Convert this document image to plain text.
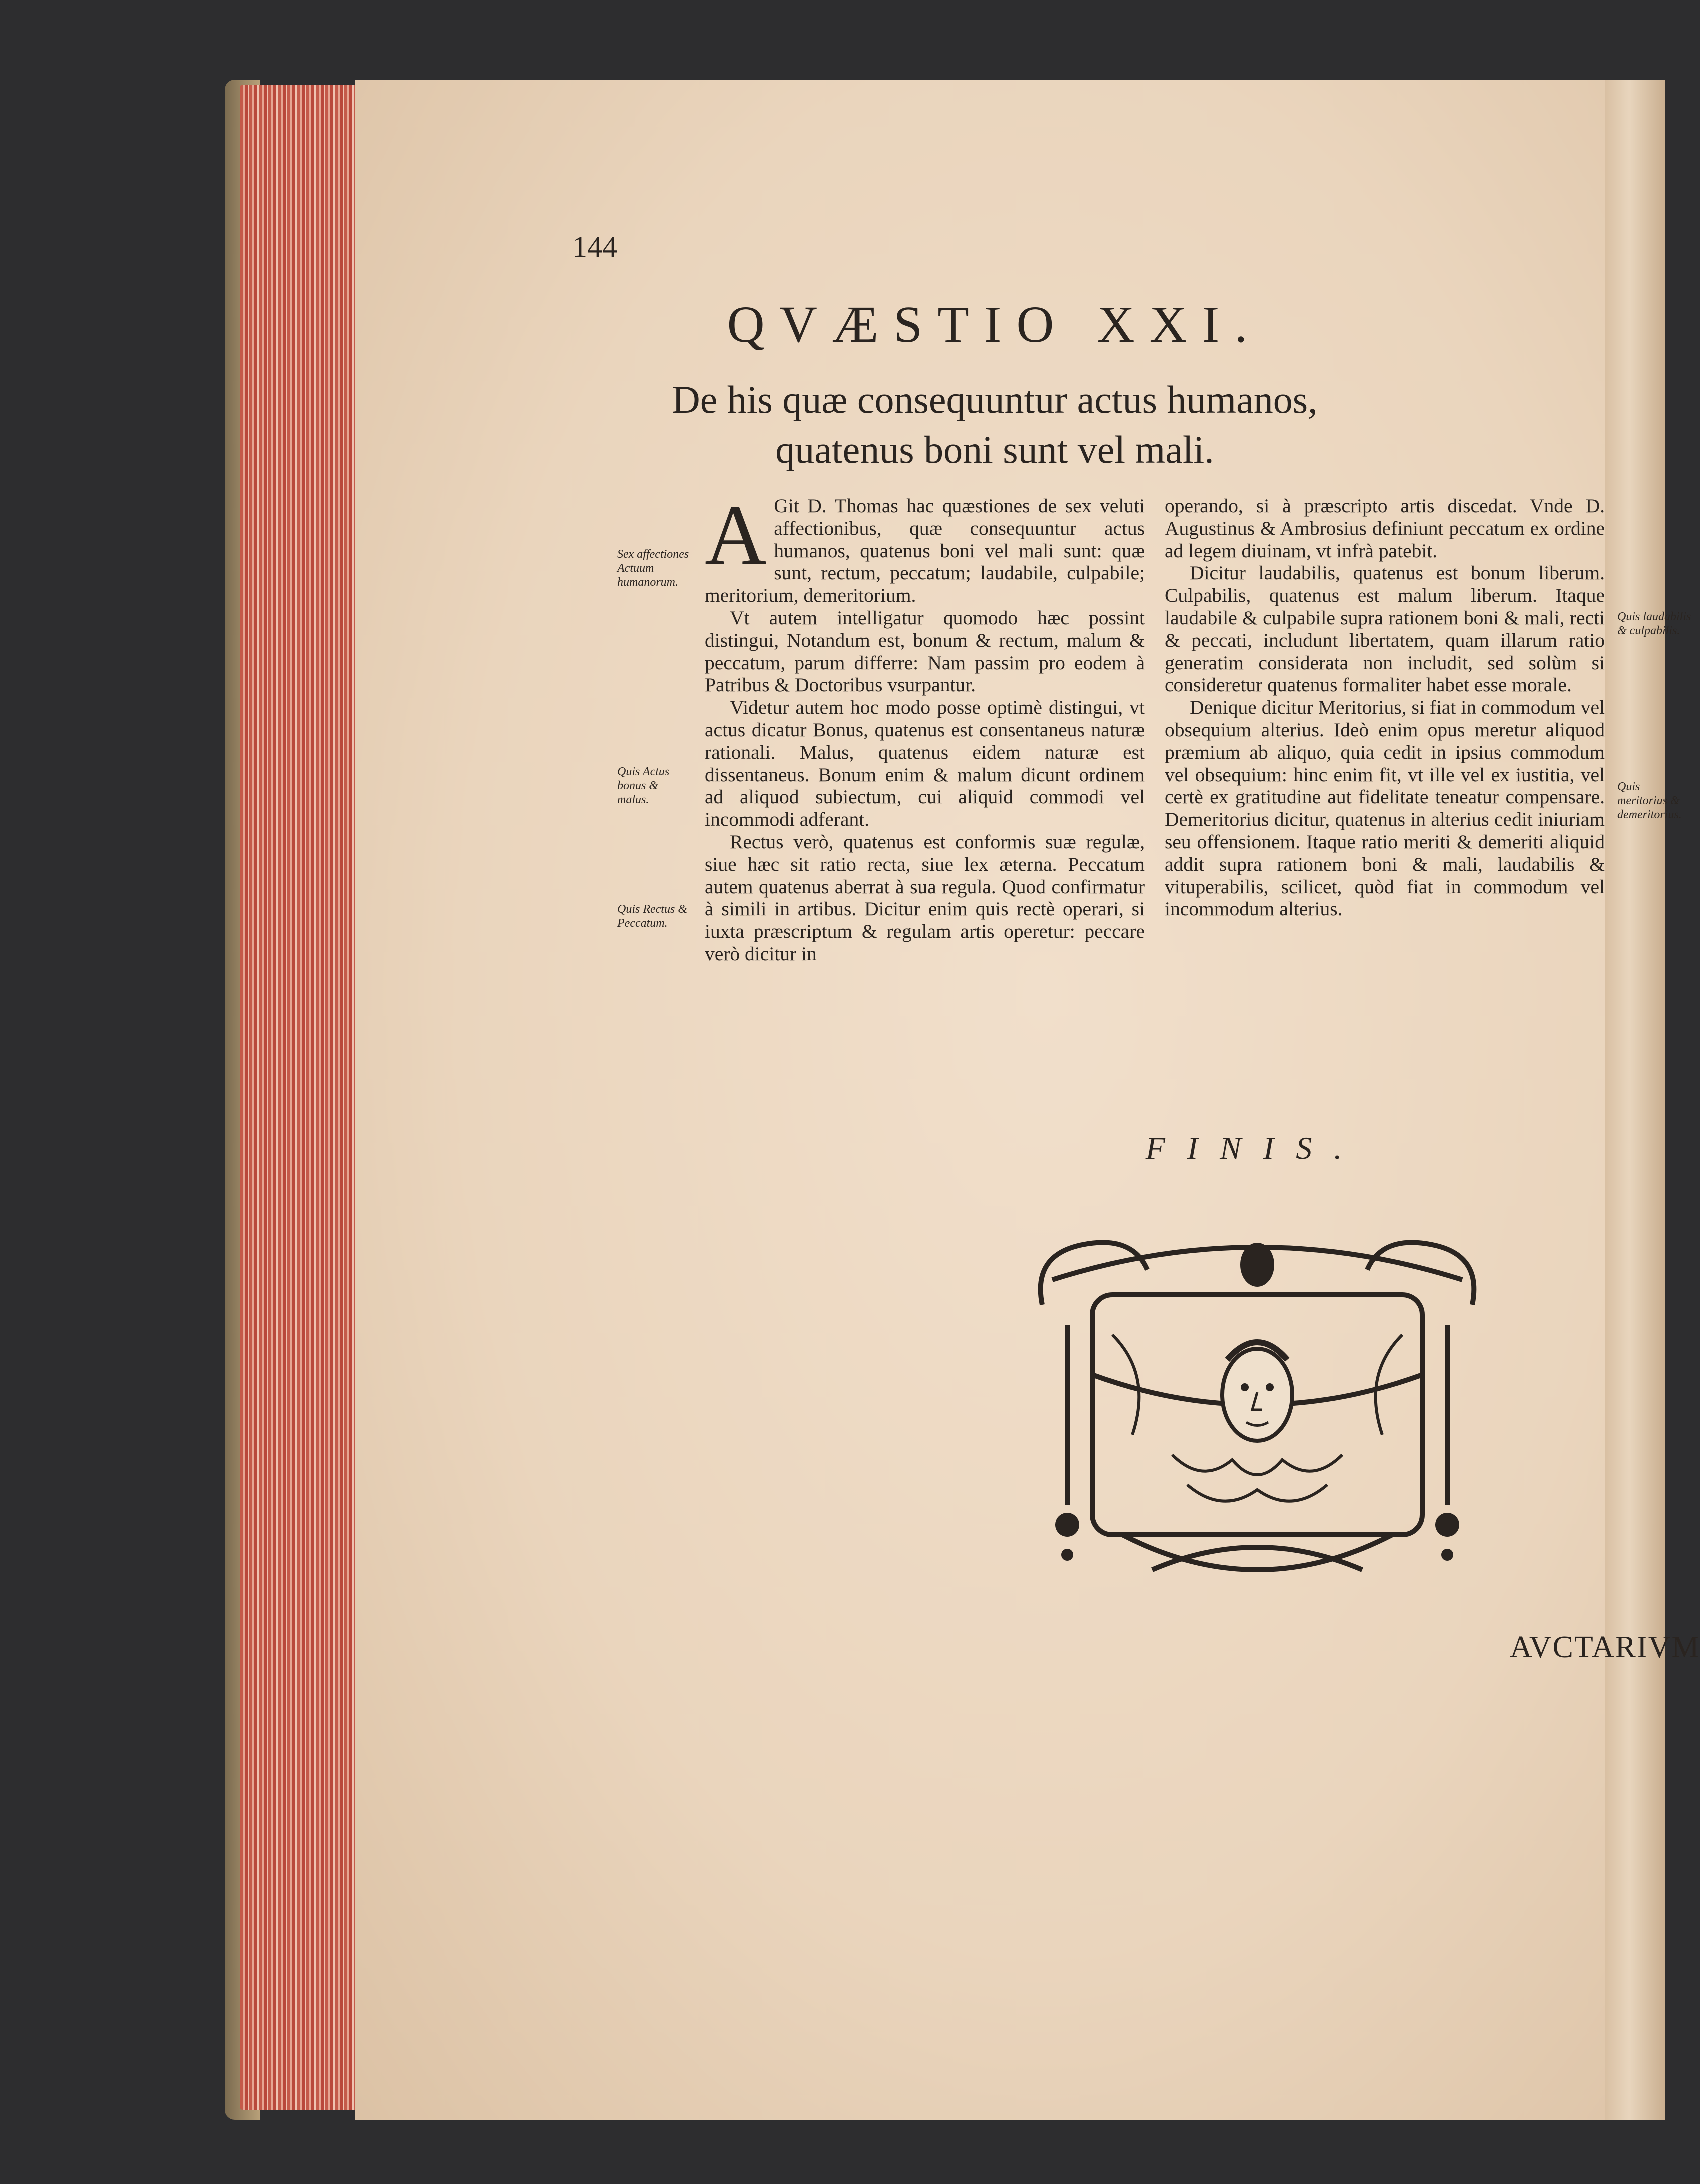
144
QVÆSTIO XXI.
De his quæ consequuntur actus humanos,
quatenus boni sunt vel mali.
Sex affectiones Actuum humanorum.
Quis Actus bonus & malus.
Quis Rectus & Peccatum.
Quis laudabilis & culpabilis.
Quis meritorius & demeritorius.
A Git D. Thomas hac quæstiones de sex veluti affectionibus, quæ consequuntur actus humanos, quatenus boni vel mali sunt: quæ sunt, rectum, peccatum; laudabile, culpabile; meritorium, demeritorium.

Vt autem intelligatur quomodo hæc possint distingui, Notandum est, bonum & rectum, malum & peccatum, parum differre: Nam passim pro eodem à Patribus & Doctoribus vsurpantur.

Videtur autem hoc modo posse optimè distingui, vt actus dicatur Bonus, quatenus est consentaneus naturæ rationali. Malus, quatenus eidem naturæ est dissentaneus. Bonum enim & malum dicunt ordinem ad aliquod subiectum, cui aliquid commodi vel incommodi adferant.

Rectus verò, quatenus est conformis suæ regulæ, siue hæc sit ratio recta, siue lex æterna. Peccatum autem quatenus aberrat à sua regula. Quod confirmatur à simili in artibus. Dicitur enim quis rectè operari, si iuxta præscriptum & regulam artis operetur: peccare verò dicitur in

operando, si à præscripto artis discedat. Vnde D. Augustinus & Ambrosius definiunt peccatum ex ordine ad legem diuinam, vt infrà patebit.

Dicitur laudabilis, quatenus est bonum liberum. Culpabilis, quatenus est malum liberum. Itaque laudabile & culpabile supra rationem boni & mali, recti & peccati, includunt libertatem, quam illarum ratio generatim considerata non includit, sed solùm si consideretur quatenus formaliter habet esse morale.

Denique dicitur Meritorius, si fiat in commodum vel obsequium alterius. Ideò enim opus meretur aliquod præmium ab aliquo, quia cedit in ipsius commodum vel obsequium: hinc enim fit, vt ille vel ex iustitia, vel certè ex gratitudine aut fidelitate teneatur compensare. Demeritorius dicitur, quatenus in alterius cedit iniuriam seu offensionem. Itaque ratio meriti & demeriti aliquid addit supra rationem boni & mali, laudabilis & vituperabilis, scilicet, quòd fiat in commodum vel incommodum alterius.

FINIS.
AVCTARIVM
